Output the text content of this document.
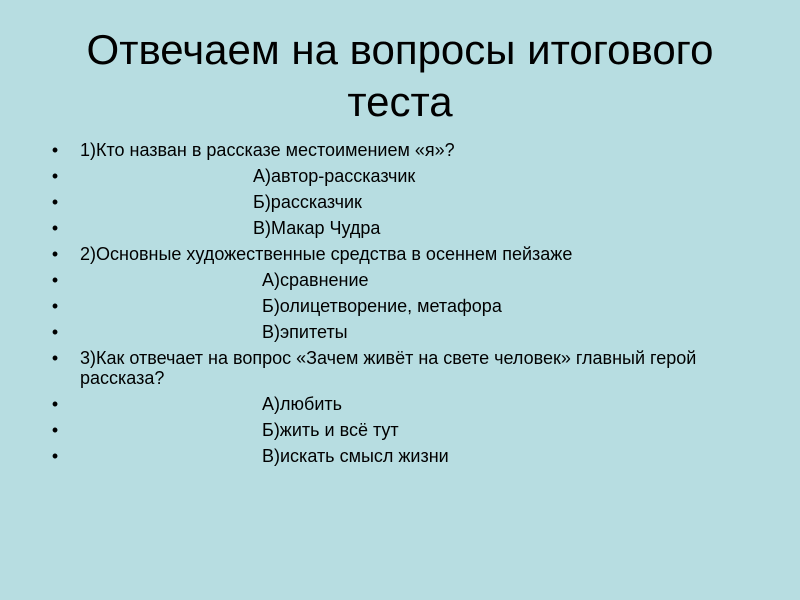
Отвечаем на вопросы итогового теста
• 1)Кто назван в рассказе местоимением «я»?
•	А)автор-рассказчик
•	Б)рассказчик
•	В)Макар Чудра
• 2)Основные художественные средства в осеннем пейзаже
•	А)сравнение
•	Б)олицетворение, метафора
•	В)эпитеты
• 3)Как отвечает на вопрос «Зачем живёт на свете человек» главный герой рассказа?
•	А)любить
•	Б)жить и всё тут
•	В)искать смысл жизни
